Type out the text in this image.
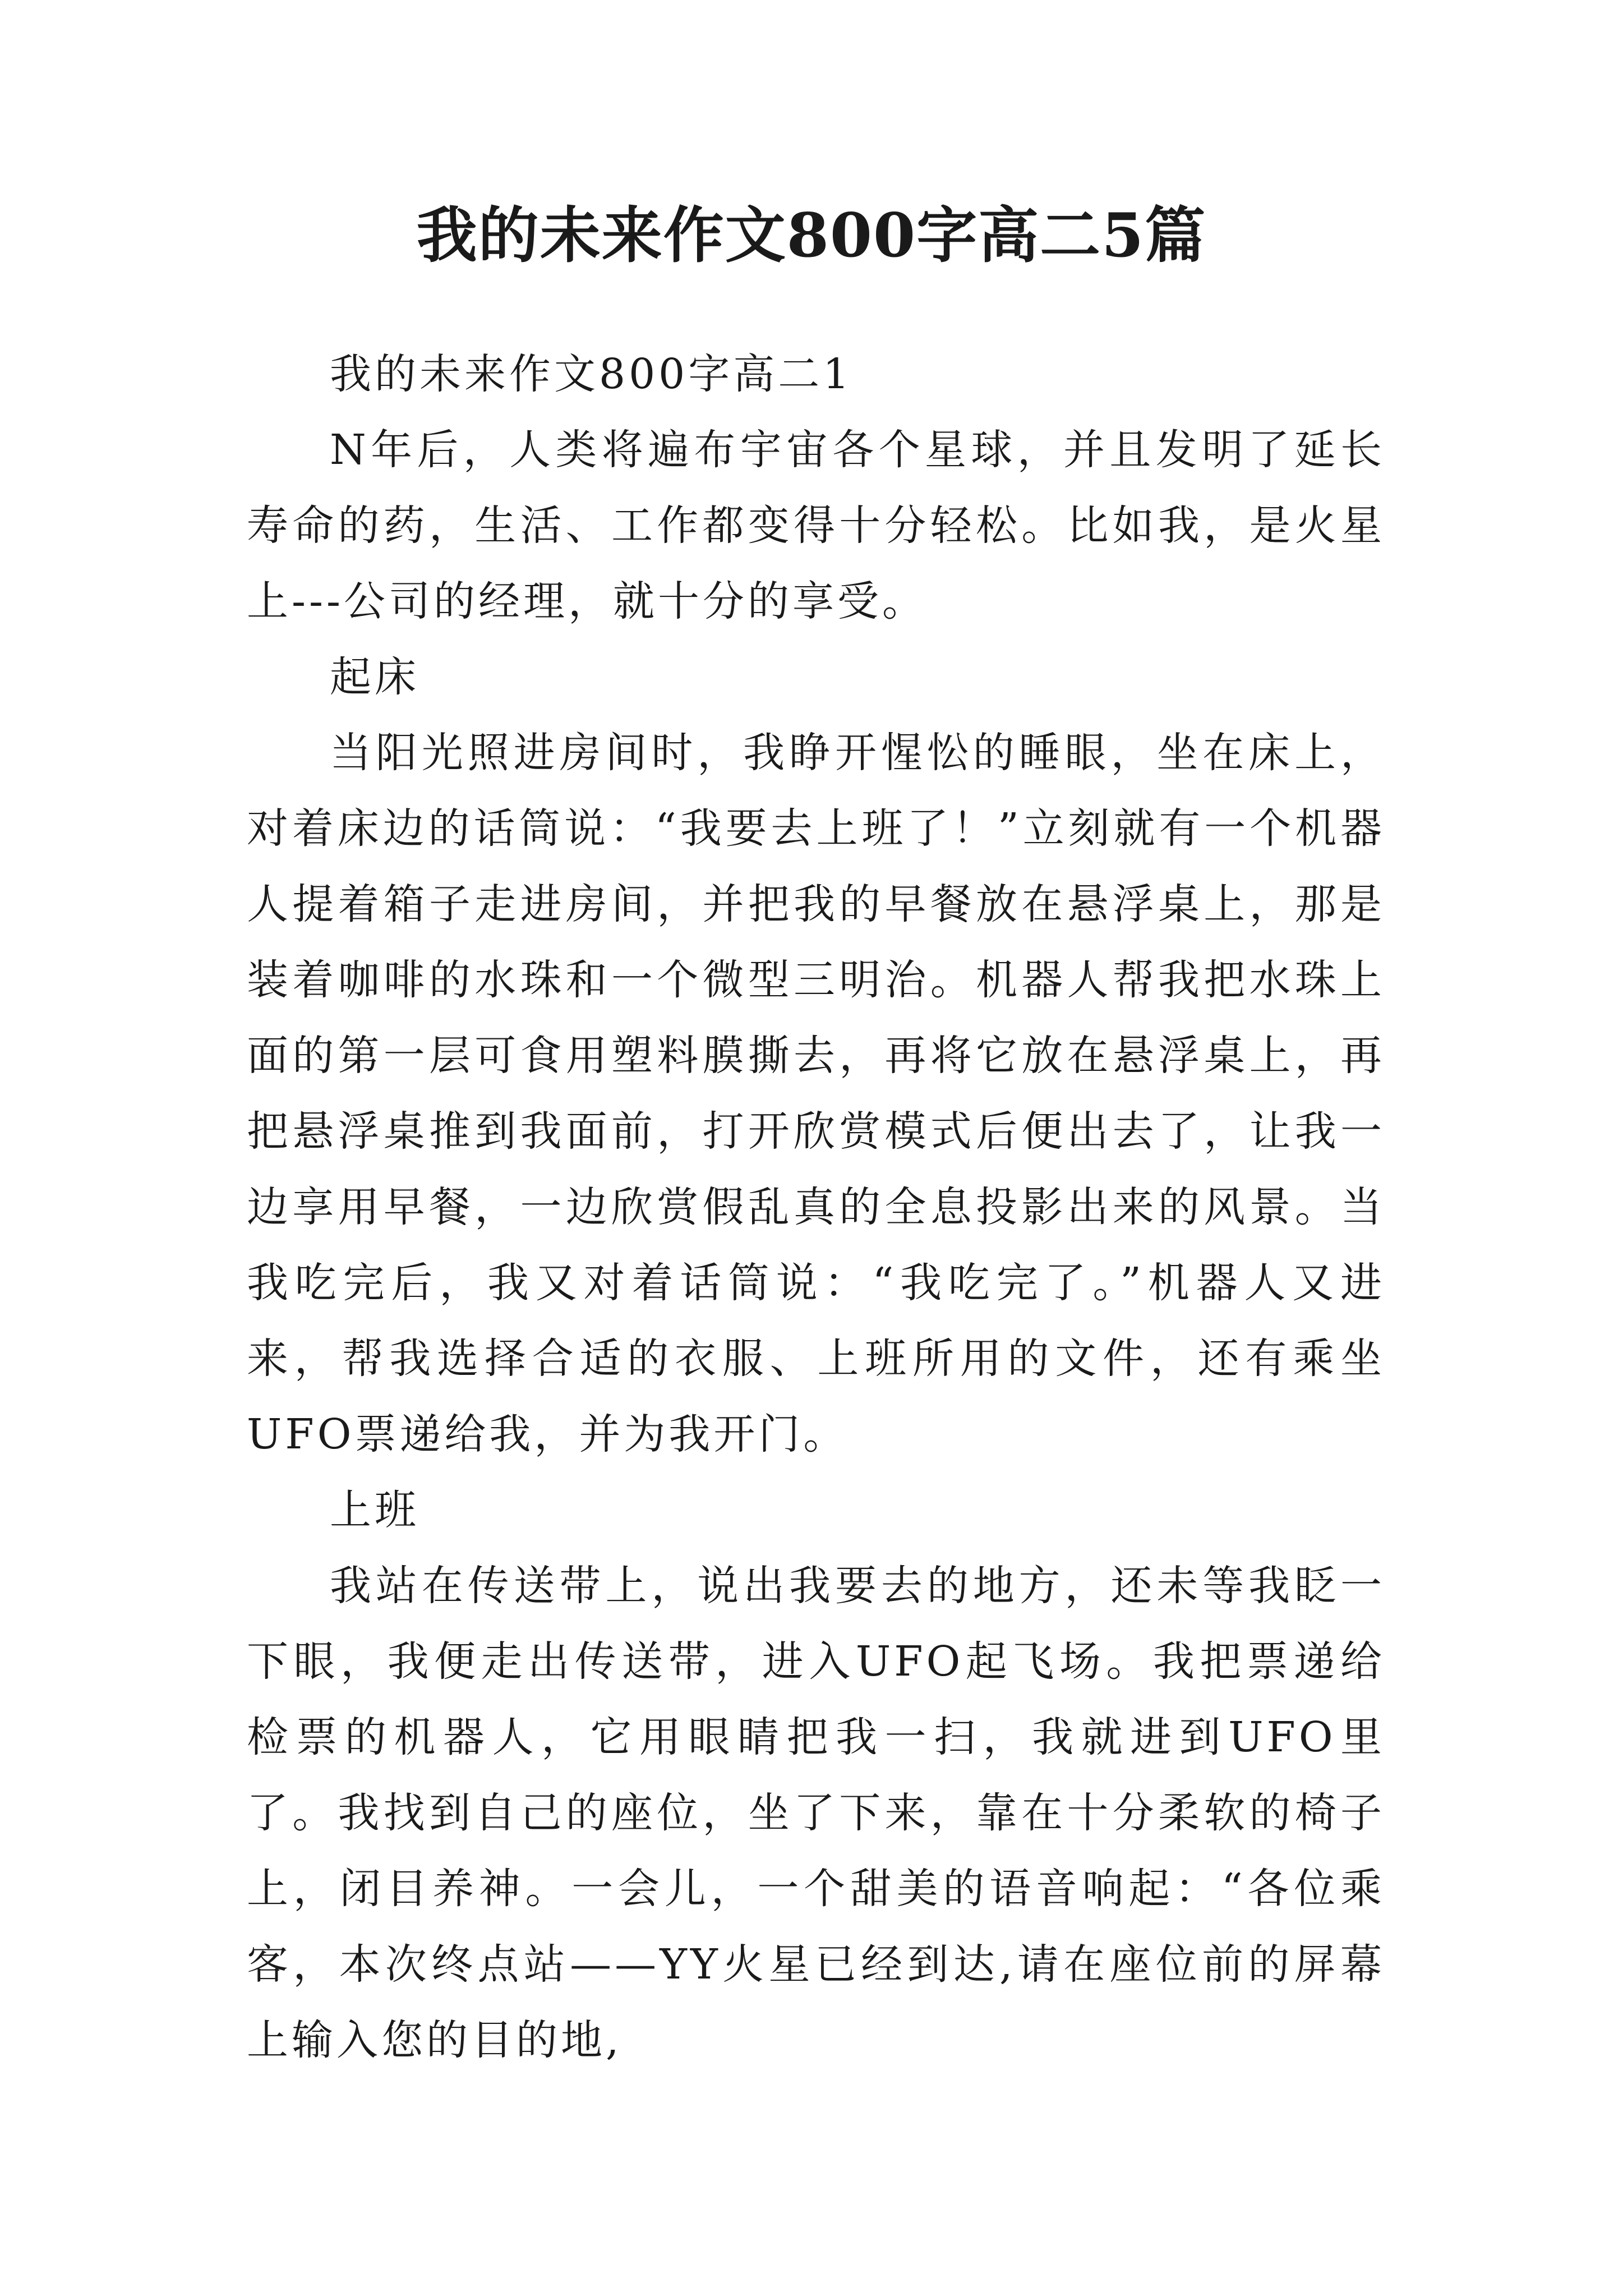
我的未来作文800字高二5篇

我的未来作文800字高二1

N年后，人类将遍布宇宙各个星球，并且发明了延长寿命的药，生活、工作都变得十分轻松。比如我，是火星上---公司的经理，就十分的享受。

起床

当阳光照进房间时，我睁开惺忪的睡眼，坐在床上，对着床边的话筒说：“我要去上班了！”立刻就有一个机器人提着箱子走进房间，并把我的早餐放在悬浮桌上，那是装着咖啡的水珠和一个微型三明治。机器人帮我把水珠上面的第一层可食用塑料膜撕去，再将它放在悬浮桌上，再把悬浮桌推到我面前，打开欣赏模式后便出去了，让我一边享用早餐，一边欣赏假乱真的全息投影出来的风景。当我吃完后，我又对着话筒说：“我吃完了。”机器人又进来，帮我选择合适的衣服、上班所用的文件，还有乘坐UFO票递给我，并为我开门。

上班

我站在传送带上，说出我要去的地方，还未等我眨一下眼，我便走出传送带，进入UFO起飞场。我把票递给检票的机器人，它用眼睛把我一扫，我就进到UFO里了。我找到自己的座位，坐了下来，靠在十分柔软的椅子上，闭目养神。一会儿，一个甜美的语音响起：“各位乘客，本次终点站——YY火星已经到达,请在座位前的屏幕上输入您的目的地,
